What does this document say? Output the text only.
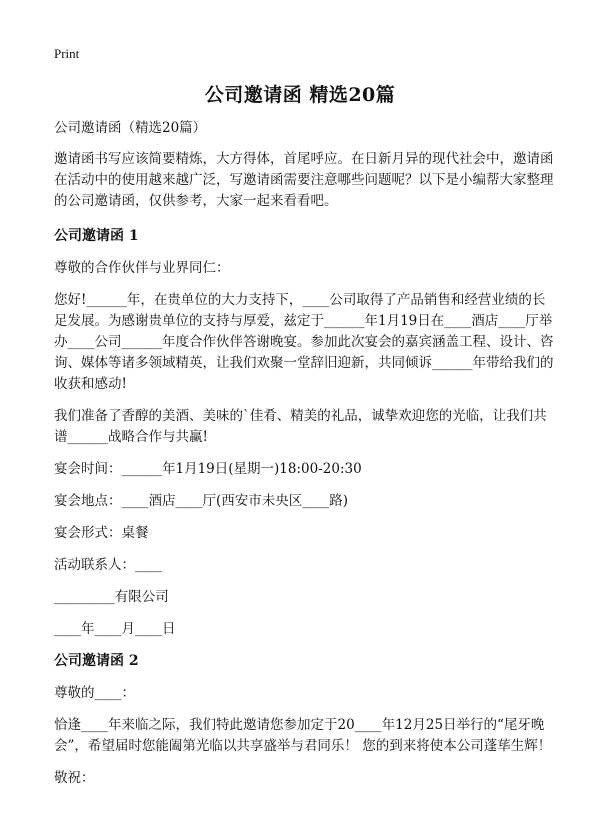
Print
公司邀请函 精选20篇

公司邀请函（精选20篇）

邀请函书写应该简要精炼，大方得体，首尾呼应。在日新月异的现代社会中，邀请函在活动中的使用越来越广泛，写邀请函需要注意哪些问题呢？以下是小编帮大家整理的公司邀请函，仅供参考，大家一起来看看吧。

公司邀请函 1

尊敬的合作伙伴与业界同仁：

您好!______年，在贵单位的大力支持下，____公司取得了产品销售和经营业绩的长足发展。为感谢贵单位的支持与厚爱，兹定于______年1月19日在____酒店____厅举办____公司______年度合作伙伴答谢晚宴。参加此次宴会的嘉宾涵盖工程、设计、咨询、媒体等诸多领域精英，让我们欢聚一堂辞旧迎新，共同倾诉______年带给我们的收获和感动!

我们准备了香醇的美酒、美味的`佳肴、精美的礼品，诚挚欢迎您的光临，让我们共谱______战略合作与共赢!

宴会时间：______年1月19日(星期一)18:00-20:30

宴会地点：____酒店____厅(西安市未央区____路)

宴会形式：桌餐

活动联系人：____

_________有限公司

____年____月____日

公司邀请函 2

尊敬的____：

恰逢____年来临之际，我们特此邀请您参加定于20____年12月25日举行的“尾牙晚会”，希望届时您能阖第光临以共享盛举与君同乐！ 您的到来将使本公司蓬荜生辉！

敬祝：
